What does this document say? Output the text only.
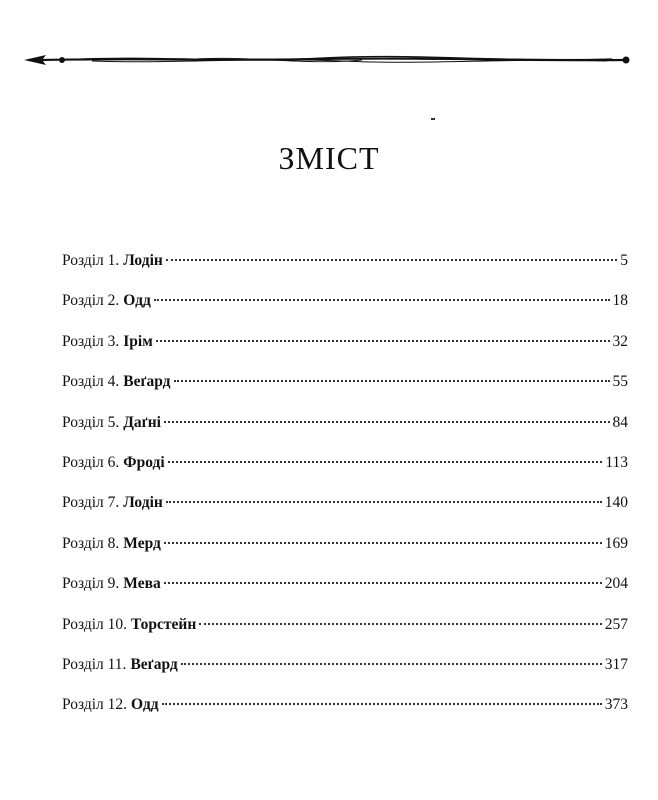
ЗМІСТ
Розділ 1. Лодін	5
Розділ 2. Одд	18
Розділ 3. Ірім	32
Розділ 4. Веґард	55
Розділ 5. Даґні	84
Розділ 6. Фроді	113
Розділ 7. Лодін	140
Розділ 8. Мерд	169
Розділ 9. Мева	204
Розділ 10. Торстейн	257
Розділ 11. Веґард	317
Розділ 12. Одд	373
